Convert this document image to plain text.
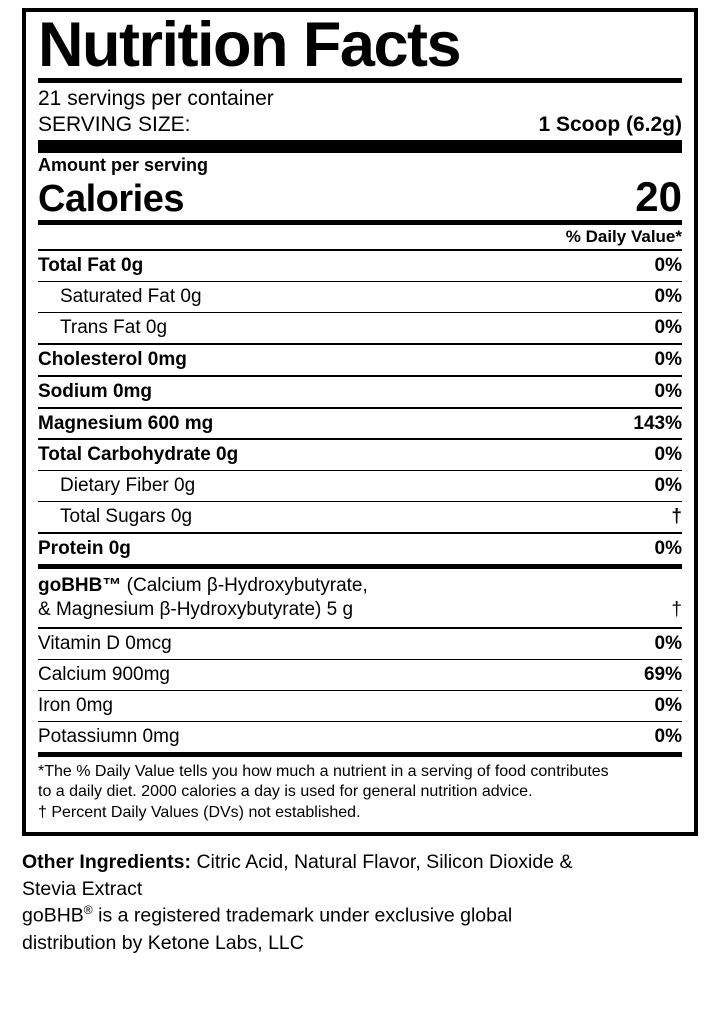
Nutrition Facts
21 servings per container
SERVING SIZE:	1 Scoop (6.2g)
Amount per serving
Calories	20
% Daily Value*
Total Fat 0g	0%
Saturated Fat 0g	0%
Trans Fat 0g	0%
Cholesterol 0mg	0%
Sodium 0mg	0%
Magnesium 600 mg	143%
Total Carbohydrate 0g	0%
Dietary Fiber 0g	0%
Total Sugars 0g	†
Protein 0g	0%
goBHB™ (Calcium β-Hydroxybutyrate,
& Magnesium β-Hydroxybutyrate) 5 g	†
Vitamin D 0mcg	0%
Calcium 900mg	69%
Iron 0mg	0%
Potassiumn 0mg	0%
*The % Daily Value tells you how much a nutrient in a serving of food contributes
to a daily diet. 2000 calories a day is used for general nutrition advice.
† Percent Daily Values (DVs) not established.
Other Ingredients: Citric Acid, Natural Flavor, Silicon Dioxide &
Stevia Extract
goBHB® is a registered trademark under exclusive global
distribution by Ketone Labs, LLC
